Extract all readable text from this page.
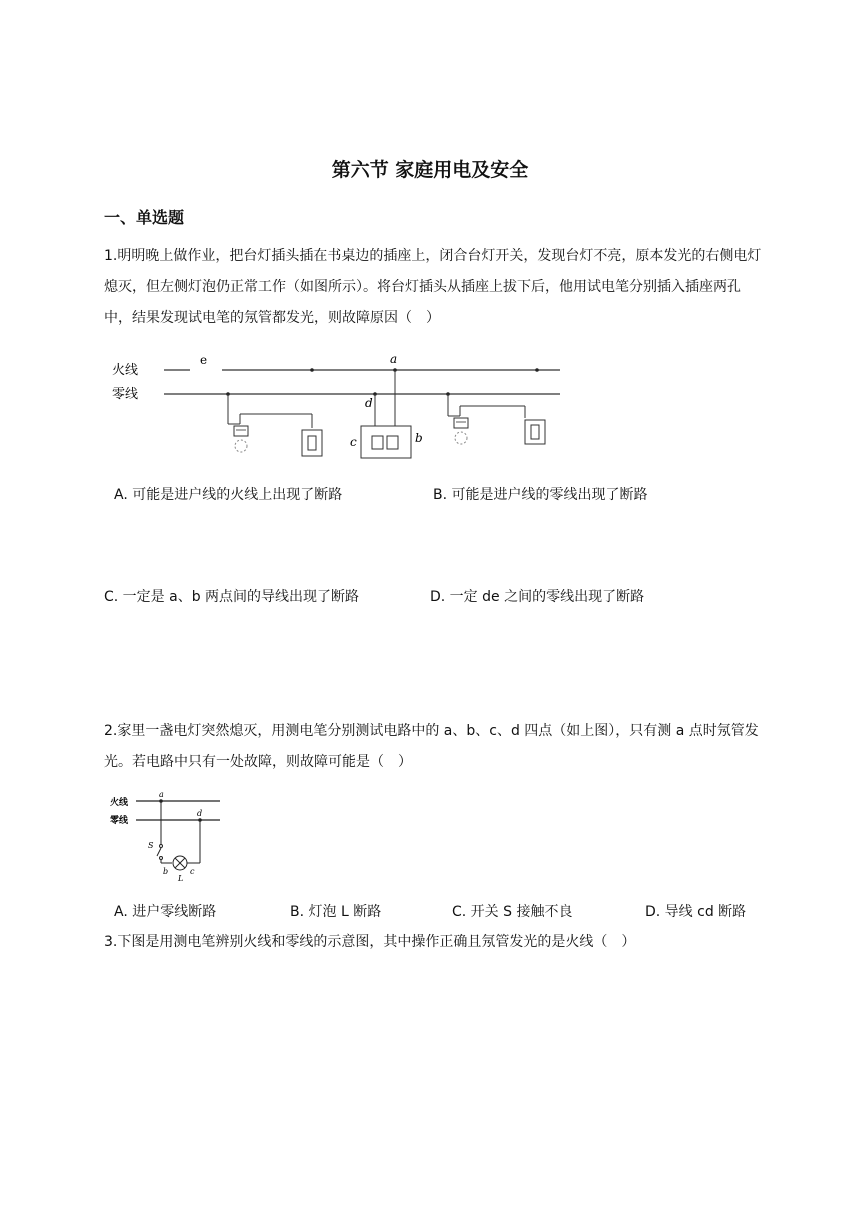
第六节 家庭用电及安全
一、单选题
1.明明晚上做作业，把台灯插头插在书桌边的插座上，闭合台灯开关，发现台灯不亮，原本发光的右侧电灯熄灭，但左侧灯泡仍正常工作（如图所示）。将台灯插头从插座上拔下后，他用试电笔分别插入插座两孔中，结果发现试电笔的氖管都发光，则故障原因（　）
火线
零线
e	a
d
c	b
A. 可能是进户线的火线上出现了断路	B. 可能是进户线的零线出现了断路
C. 一定是 a、b 两点间的导线出现了断路	D. 一定 de 之间的零线出现了断路
2.家里一盏电灯突然熄灭，用测电笔分别测试电路中的 a、b、c、d 四点（如上图），只有测 a 点时氖管发光。若电路中只有一处故障，则故障可能是（　）
火线
零线
a
d
S
b	c
L
A. 进户零线断路	B. 灯泡 L 断路	C. 开关 S 接触不良	D. 导线 cd 断路
3.下图是用测电笔辨别火线和零线的示意图，其中操作正确且氖管发光的是火线（　）
